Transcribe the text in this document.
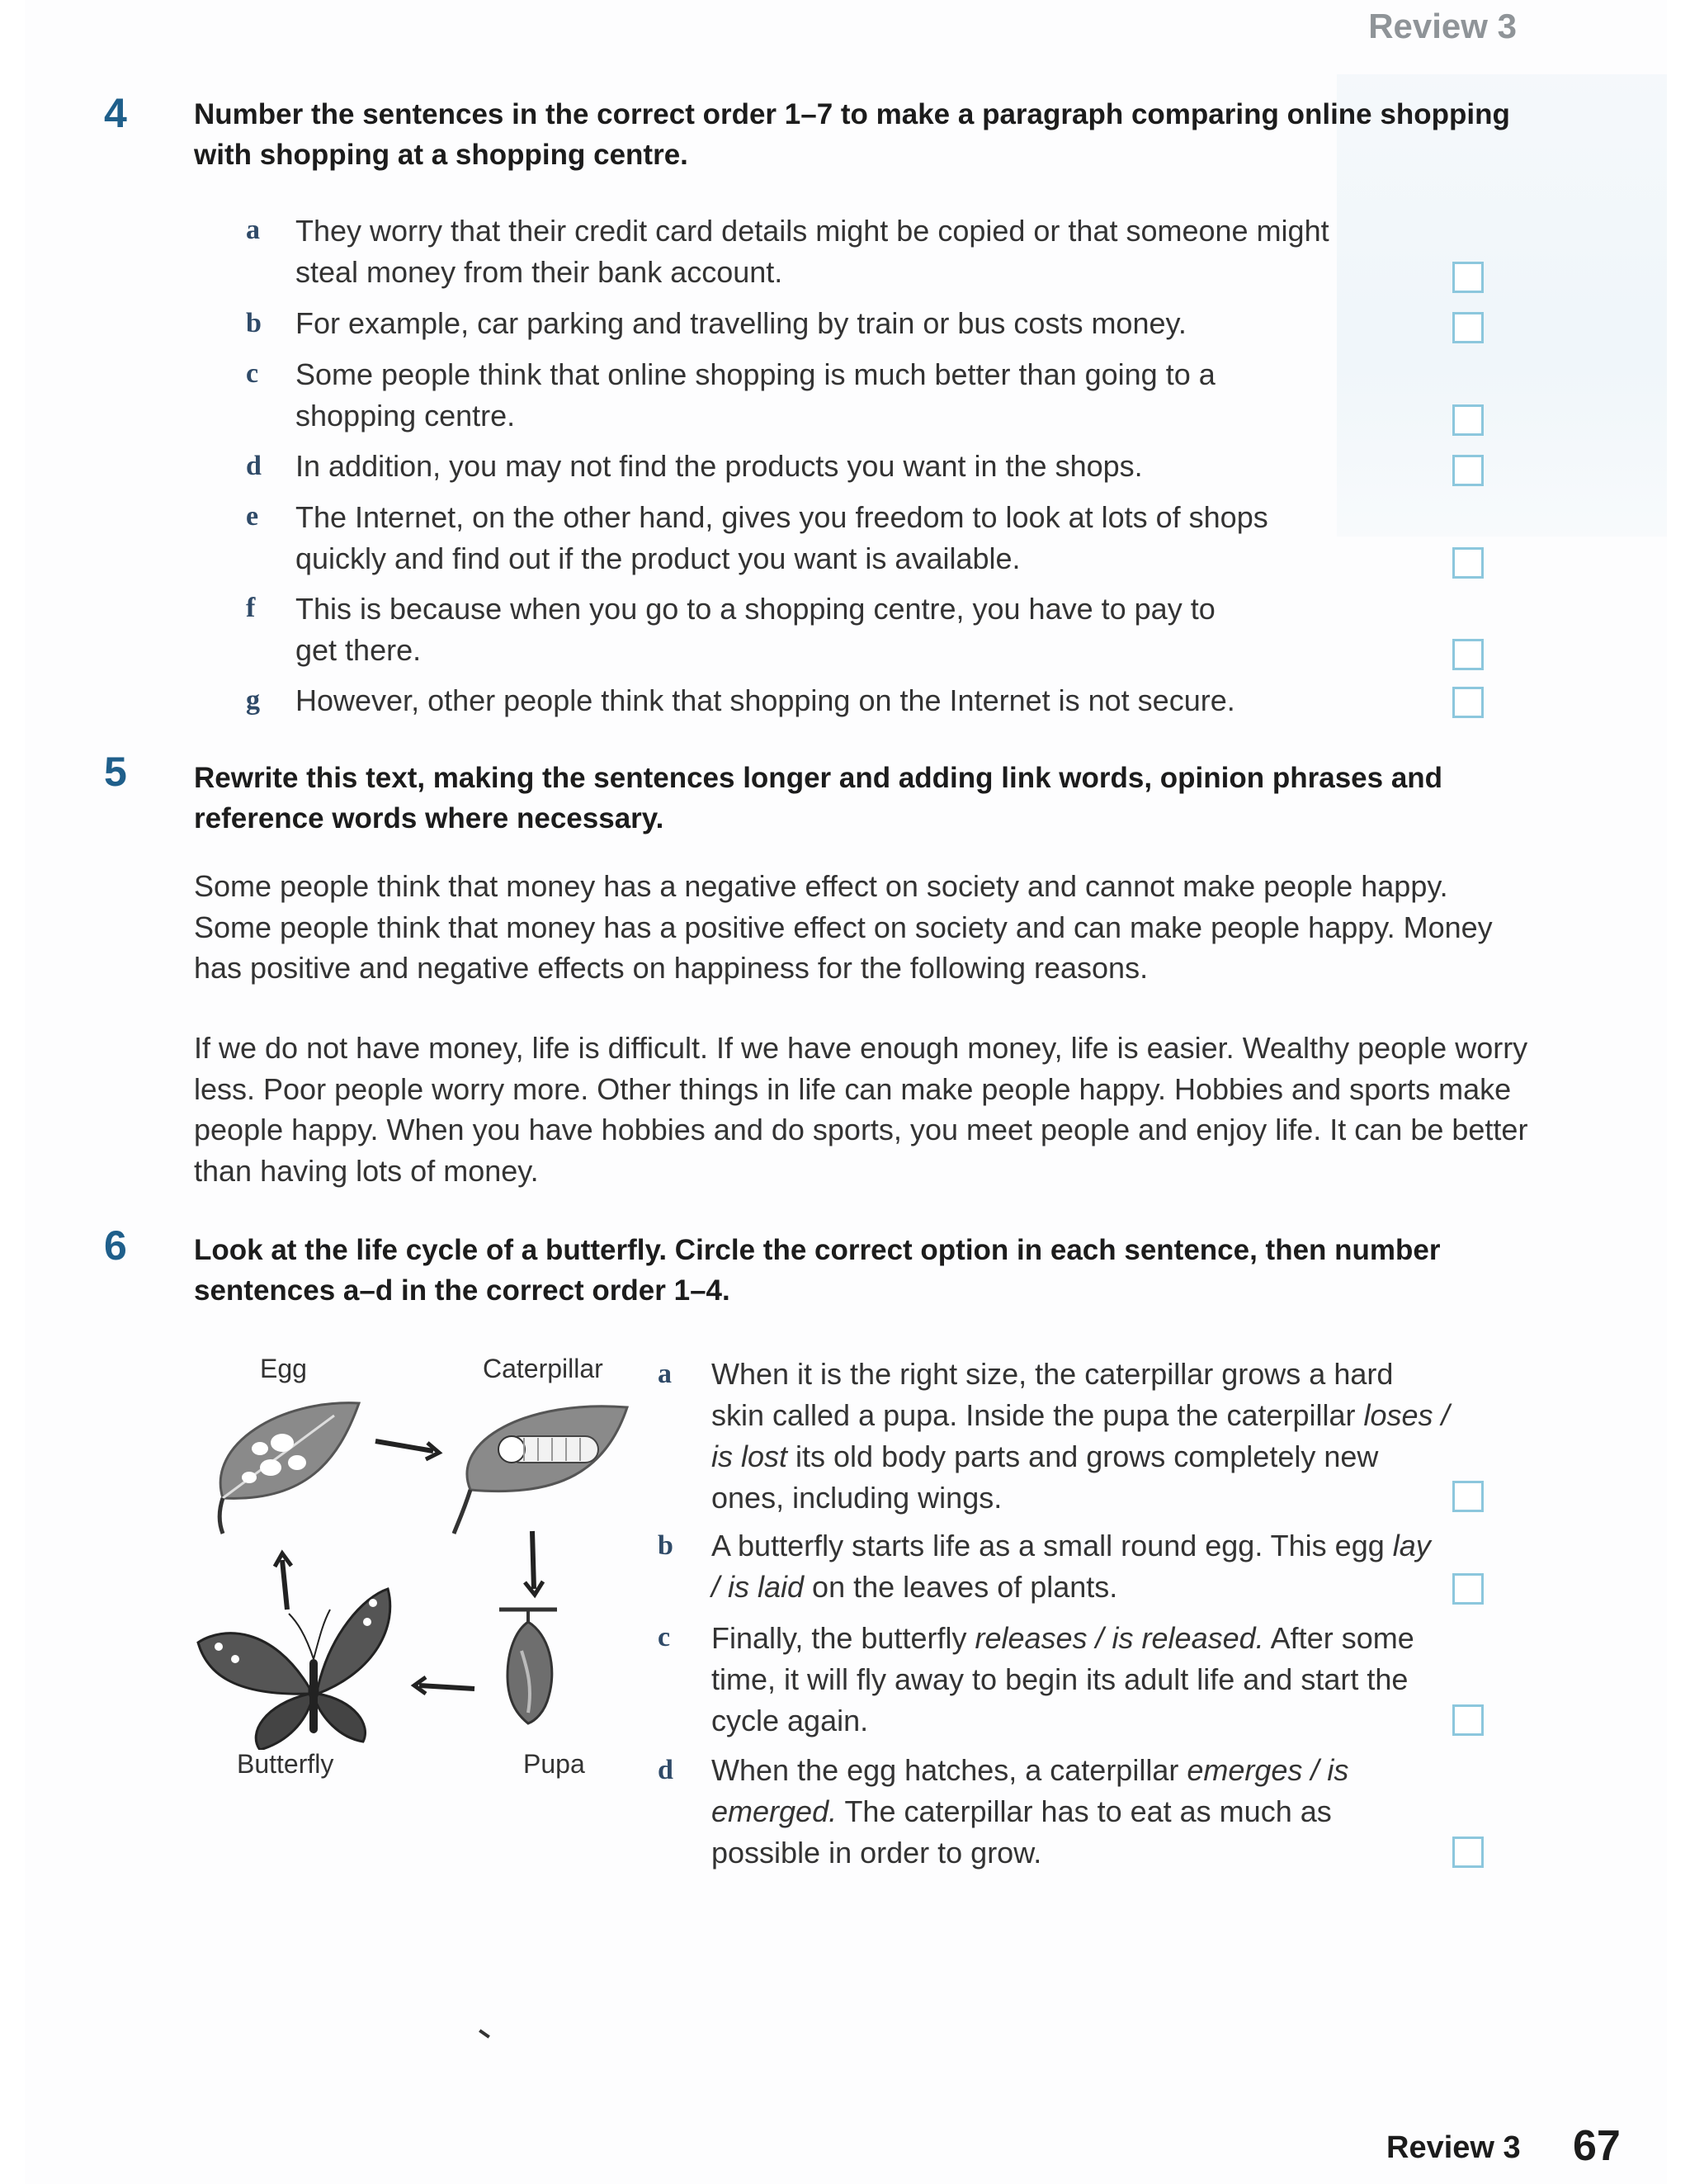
Review 3
4 Number the sentences in the correct order 1–7 to make a paragraph comparing online shopping with shopping at a shopping centre.
a They worry that their credit card details might be copied or that someone might steal money from their bank account.
b For example, car parking and travelling by train or bus costs money.
c Some people think that online shopping is much better than going to a shopping centre.
d In addition, you may not find the products you want in the shops.
e The Internet, on the other hand, gives you freedom to look at lots of shops quickly and find out if the product you want is available.
f This is because when you go to a shopping centre, you have to pay to get there.
g However, other people think that shopping on the Internet is not secure.
5 Rewrite this text, making the sentences longer and adding link words, opinion phrases and reference words where necessary.
Some people think that money has a negative effect on society and cannot make people happy. Some people think that money has a positive effect on society and can make people happy. Money has positive and negative effects on happiness for the following reasons.
If we do not have money, life is difficult. If we have enough money, life is easier. Wealthy people worry less. Poor people worry more. Other things in life can make people happy. Hobbies and sports make people happy. When you have hobbies and do sports, you meet people and enjoy life. It can be better than having lots of money.
6 Look at the life cycle of a butterfly. Circle the correct option in each sentence, then number sentences a–d in the correct order 1–4.
Egg	Caterpillar
Butterfly	Pupa
a When it is the right size, the caterpillar grows a hard skin called a pupa. Inside the pupa the caterpillar loses / is lost its old body parts and grows completely new ones, including wings.
b A butterfly starts life as a small round egg. This egg lay / is laid on the leaves of plants.
c Finally, the butterfly releases / is released. After some time, it will fly away to begin its adult life and start the cycle again.
d When the egg hatches, a caterpillar emerges / is emerged. The caterpillar has to eat as much as possible in order to grow.
Review 3 67
